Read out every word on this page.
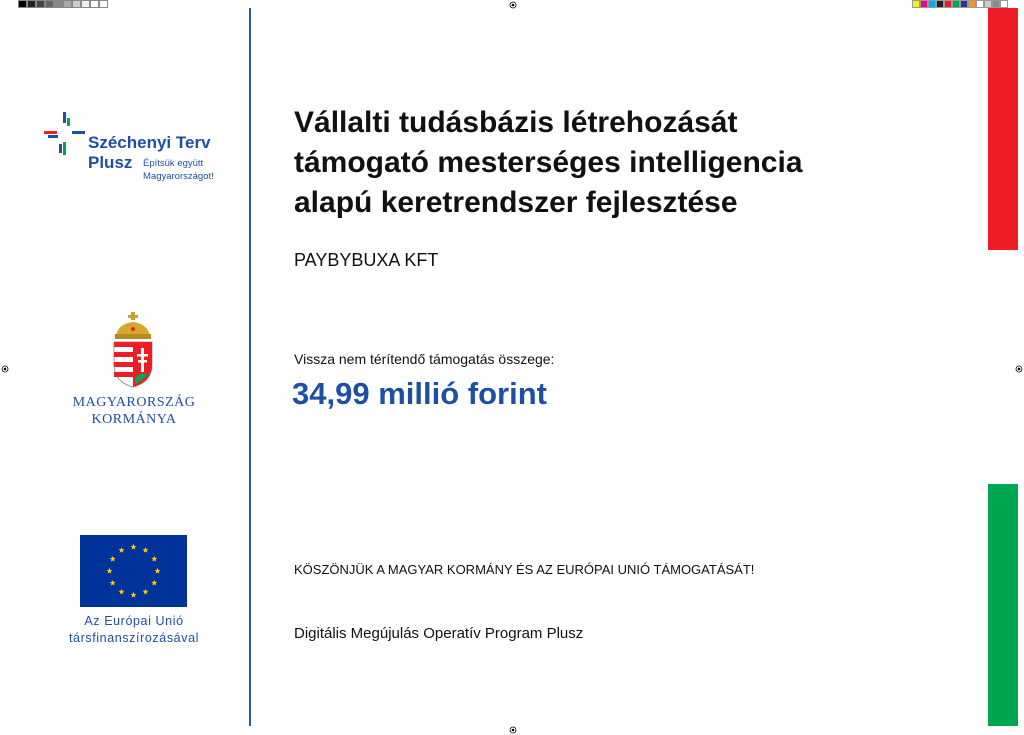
Széchenyi Terv
Plusz Építsük együtt
Magyarországot!
MAGYARORSZÁG
KORMÁNYA
Az Európai Unió
társfinanszírozásával
Vállalti tudásbázis létrehozását
támogató mesterséges intelligencia
alapú keretrendszer fejlesztése
PAYBYBUXA KFT
Vissza nem térítendő támogatás összege:
34,99 millió forint
KÖSZÖNJÜK A MAGYAR KORMÁNY ÉS AZ EURÓPAI UNIÓ TÁMOGATÁSÁT!
Digitális Megújulás Operatív Program Plusz
